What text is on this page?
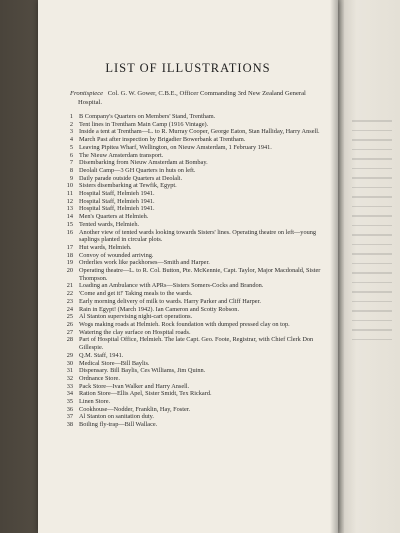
LIST OF ILLUSTRATIONS
Frontispiece Col. G. W. Gower, C.B.E., Officer Commanding 3rd New Zealand General Hospital.
1 B Company's Quarters on Members' Stand, Trentham.
2 Tent lines in Trentham Main Camp (1916 Vintage).
3 Inside a tent at Trentham—L. to R. Murray Cooper, George Eaton, Stan Halliday, Harry Ansell.
4 March Past after inspection by Brigadier Bowerbank at Trentham.
5 Leaving Pipitea Wharf, Wellington, on Nieuw Amsterdam, 1 February 1941.
6 The Nieuw Amsterdam transport.
7 Disembarking from Nieuw Amsterdam at Bombay.
8 Deolali Camp—3 GH Quarters in huts on left.
9 Daily parade outside Quarters at Deolali.
10 Sisters disembarking at Tewfik, Egypt.
11 Hospital Staff, Helmieh 1941.
12 Hospital Staff, Helmieh 1941.
13 Hospital Staff, Helmieh 1941.
14 Men's Quarters at Helmieh.
15 Tented wards, Helmieh.
16 Another view of tented wards looking towards Sisters' lines. Operating theatre on left—young saplings planted in circular plots.
17 Hut wards, Helmieh.
18 Convoy of wounded arriving.
19 Orderlies work like packhorses—Smith and Harper.
20 Operating theatre—L. to R. Col. Button, Pte. McKennie, Capt. Taylor, Major Macdonald, Sister Thompson.
21 Loading an Ambulance with APRs—Sisters Somers-Cocks and Brandon.
22 'Come and get it!' Taking meals to the wards.
23 Early morning delivery of milk to wards. Harry Parker and Cliff Harper.
24 Rain in Egypt! (March 1942). Ian Cameron and Scotty Robson.
25 Al Stanton supervising night-cart operations.
26 Wogs making roads at Helmieh. Rock foundation with dumped pressed clay on top.
27 Watering the clay surface on Hospital roads.
28 Part of Hospital Office, Helmieh. The late Capt. Geo. Foote, Registrar, with Chief Clerk Don Gillespie.
29 Q.M. Staff, 1941.
30 Medical Store—Bill Baylis.
31 Dispensary. Bill Baylis, Ces Williams, Jim Quinn.
32 Ordnance Store.
33 Pack Store—Ivan Walker and Harry Ansell.
34 Ration Store—Ellis Apel, Sister Smidt, Tex Rickard.
35 Linen Store.
36 Cookhouse—Nodder, Franklin, Hay, Foster.
37 Al Stanton on sanitation duty.
38 Boiling fly-trap—Bill Wallace.
